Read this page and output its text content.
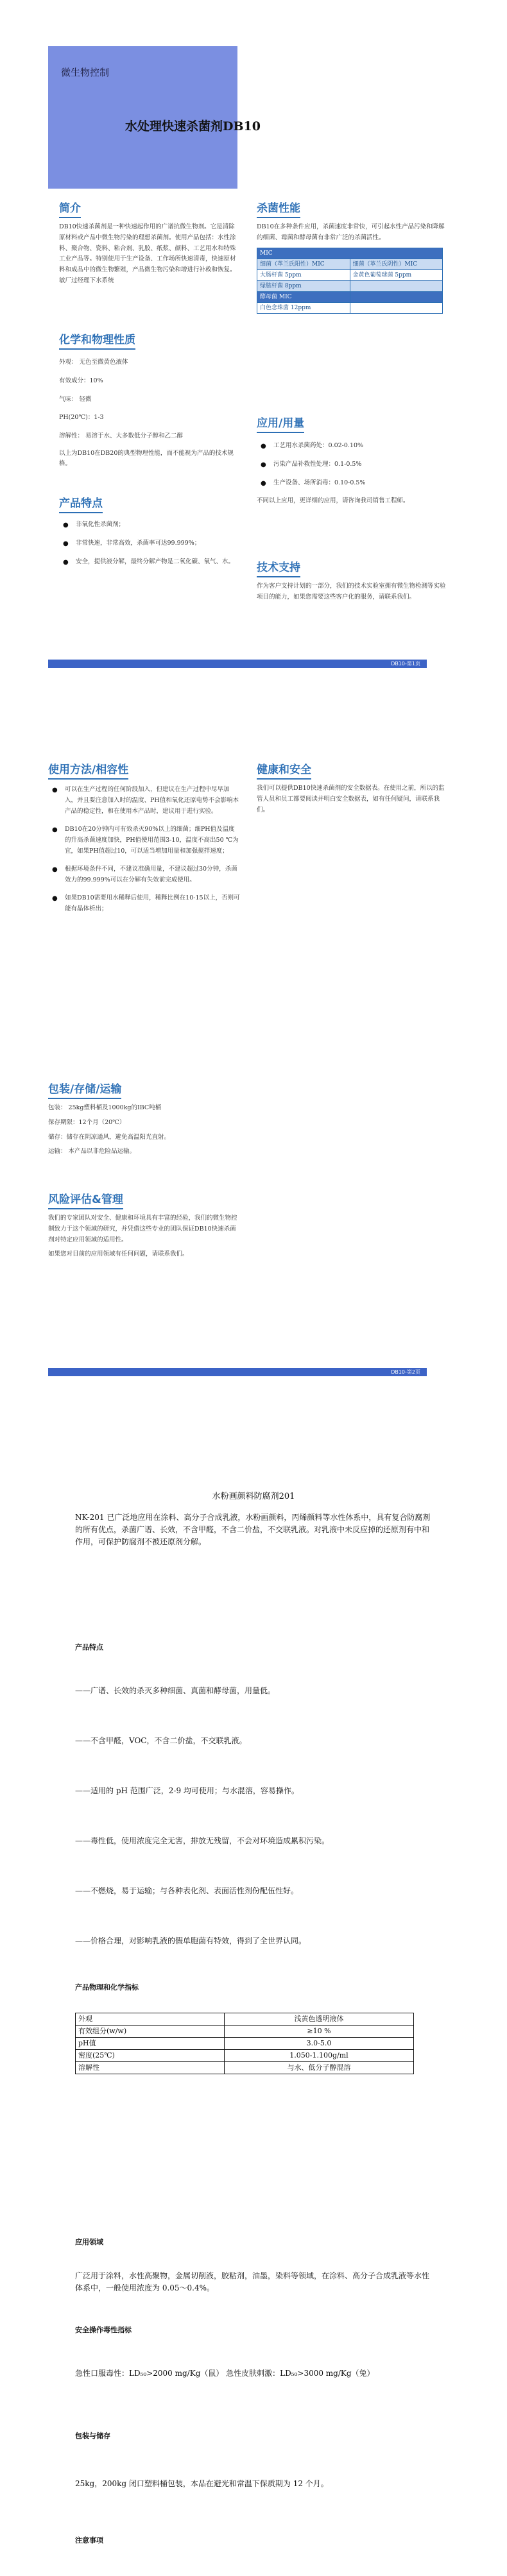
微生物控制
水处理快速杀菌剂DB10
简介

DB10快速杀菌剂是一种快速起作用的广谱抗微生物剂。它是清除原材料或产品中微生物污染的理想杀菌剂。使用产品包括：水性涂料、聚合物、瓷料、粘合剂、乳胶、纸浆、颜料、工艺用水和特殊工业产品等。特别使用于生产设备、工作场所快速清毒，快速原材料和成品中的微生物繁殖，产品微生物污染和增进行补救和恢复。敏厂过经理下水系统

化学和物理性质

外观： 无色至微黄色液体

有效成分：10%

气味： 轻微

PH(20℃)：1-3

溶解性： 易溶于水、大多数低分子醇和乙二醇

以上为DB10在DB20的典型物理性能，而不能视为产品的技术规格。

产品特点
● 非氧化性杀菌剂；
● 非常快速，非常高效，杀菌率可达99.999%；
● 安全，提供液分解，最终分解产物是二氧化碳、氧气、水。
杀菌性能

DB10在多种条件应用，杀菌速度非常快，可引起水性产品污染和降解的细菌、霉菌和酵母菌有非常广泛的杀菌活性。

MIC	
细菌（革兰氏阳性）MIC	细菌（革兰氏阴性）MIC
大肠杆菌 5ppm	金黄色葡萄球菌 5ppm
绿脓杆菌 8ppm	
酵母菌 MIC	
白色念珠菌 12ppm	
应用/用量
● 工艺用水杀菌药处：0.02-0.10%
● 污染产品补救性处理：0.1-0.5%
● 生产设备、场所消毒：0.10-0.5%

不同以上应用，更详细的应用，请咨询我司销售工程师。

技术支持

作为客户支持计划的一部分，我们的技术实验室拥有微生物检测等实验项目的能力，如果您需要这些客户化的服务，请联系我们。

DB10-第1页
使用方法/相容性
● 可以在生产过程的任何阶段加入，但建议在生产过程中尽早加入，并且要注意加入时的温度、PH值和氧化还原电势不会影响本产品的稳定性，和在使用本产品时，建议用于进行实验。
● DB10在20分钟内可有效杀灭90%以上的细菌；细PH值及温度的升高杀菌速度加快，PH值使用范围3-10，温度不高出50 ℃为宜，如果PH值超过10，可以适当增加用量和加强搅拌速度；
● 根据环境条件不同，不建议准确用量，不建议超过30分钟，杀菌效力的99.999%可以在分解有失效前完成使用。
● 如果DB10需要用水稀释后使用，稀释比例在10-15以上，否则可能有晶体析出；
包装/存储/运输

包装： 25kg塑料桶及1000kg的IBC吨桶

保存期限：12个月（20℃）

储存：储存在阴凉通风，避免高温阳光直射。

运输： 本产品以非危险品运输。

风险评估&管理

我们的专家团队对安全、健康和环境具有丰富的经验，我们的微生物控制致力于这个领域的研究，并凭借这些专业的团队保证DB10快速杀菌剂对特定应用领域的适用性。

如果您对目前的应用领域有任何问题，请联系我们。

健康和安全

我们可以提供DB10快速杀菌剂的安全数据表。在使用之前，所以的监管人员和员工都要阅读并明白安全数据表，如有任何疑问，请联系我们。

DB10-第2页
水粉画颜料防腐剂201
NK-201 已广泛地应用在涂料、高分子合成乳液，水粉画颜料，丙烯颜料等水性体系中，具有复合防腐剂的所有优点，杀菌广谱、长效，不含甲醛，不含二价盐，不交联乳液。对乳液中未反应掉的还原剂有中和作用，可保护防腐剂不被还原剂分解。
产品特点
——广谱、长效的杀灭多种细菌、真菌和酵母菌，用量低。
——不含甲醛，VOC，不含二价盐，不交联乳液。
——适用的 pH 范围广泛，2-9 均可使用；与水混溶，容易操作。
——毒性低，使用浓度完全无害，排放无残留，不会对环境造成累积污染。
——不燃烧，易于运输；与各种表化剂、表面活性剂份配伍性好。
——价格合理，对影响乳液的假单胞菌有特效，得到了全世界认同。
产品物理和化学指标
外观	浅黄色透明液体
有效组分(w/w)	≥10 %
pH值	3.0-5.0
密度(25℃)	1.050-1.100g/ml
溶解性	与水、低分子醇混溶
应用领域
广泛用于涂料，水性高聚物，金属切削液，胶粘剂，油墨，染料等领域，在涂料、高分子合成乳液等水性体系中，一般使用浓度为 0.05～0.4%。
安全操作毒性指标
急性口服毒性：LD₅₀>2000 mg/Kg（鼠） 急性皮肤刺激：LD₅₀>3000 mg/Kg（兔）
包装与储存
25kg，200kg 闭口塑料桶包装，本品在避光和常温下保质期为 12 个月。
注意事项
